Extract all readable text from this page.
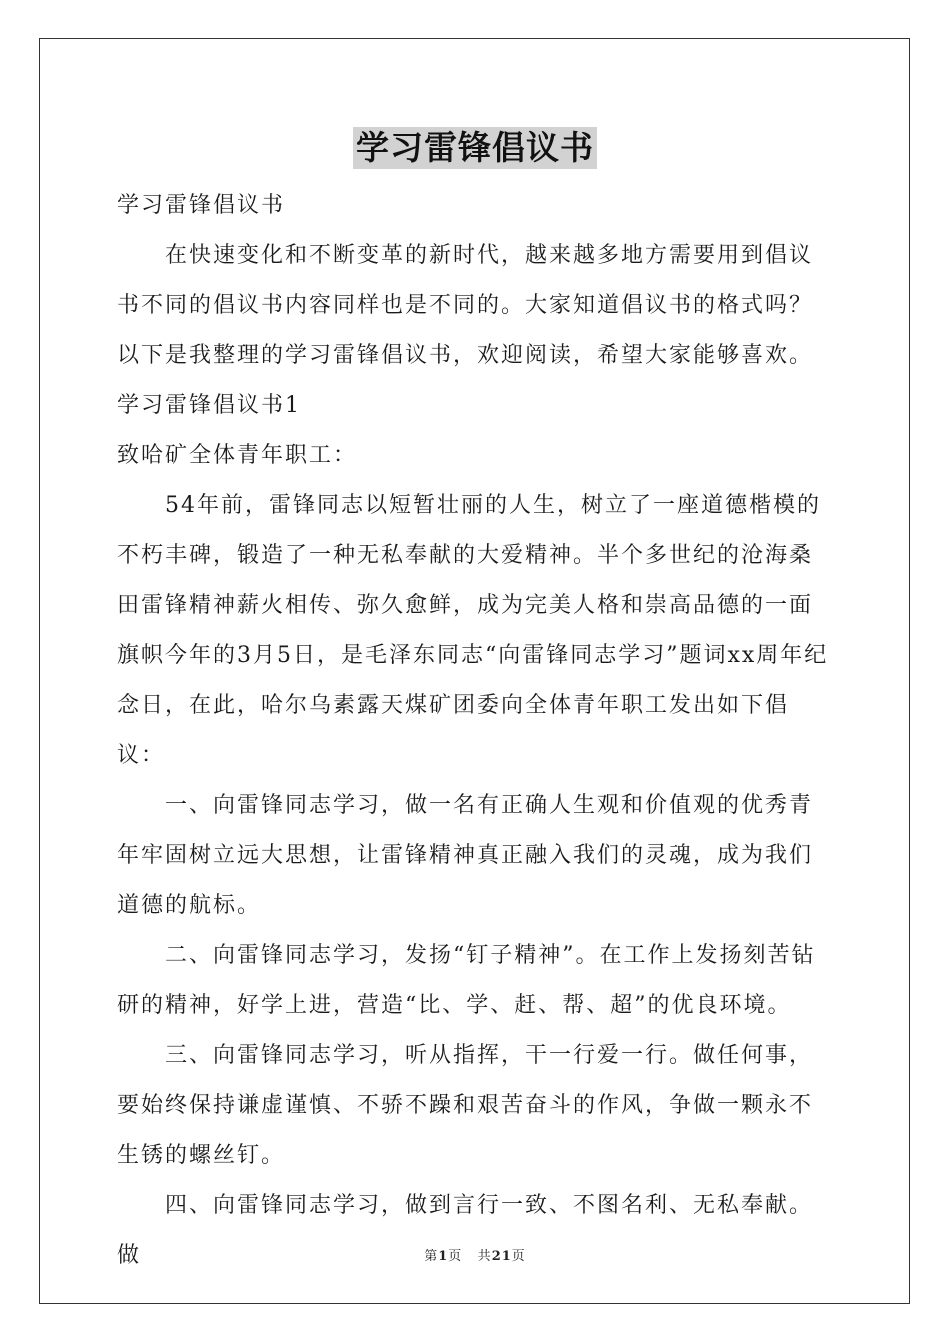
学习雷锋倡议书

学习雷锋倡议书

在快速变化和不断变革的新时代，越来越多地方需要用到倡议书不同的倡议书内容同样也是不同的。大家知道倡议书的格式吗？以下是我整理的学习雷锋倡议书，欢迎阅读，希望大家能够喜欢。

学习雷锋倡议书1

致哈矿全体青年职工：

54年前，雷锋同志以短暂壮丽的人生，树立了一座道德楷模的不朽丰碑，锻造了一种无私奉献的大爱精神。半个多世纪的沧海桑田雷锋精神薪火相传、弥久愈鲜，成为完美人格和崇高品德的一面旗帜今年的3月5日，是毛泽东同志“向雷锋同志学习”题词xx周年纪念日，在此，哈尔乌素露天煤矿团委向全体青年职工发出如下倡议：

一、向雷锋同志学习，做一名有正确人生观和价值观的优秀青年牢固树立远大思想，让雷锋精神真正融入我们的灵魂，成为我们道德的航标。

二、向雷锋同志学习，发扬“钉子精神”。在工作上发扬刻苦钻研的精神，好学上进，营造“比、学、赶、帮、超”的优良环境。

三、向雷锋同志学习，听从指挥，干一行爱一行。做任何事，要始终保持谦虚谨慎、不骄不躁和艰苦奋斗的作风，争做一颗永不生锈的螺丝钉。

四、向雷锋同志学习，做到言行一致、不图名利、无私奉献。做	第1页 共21页
